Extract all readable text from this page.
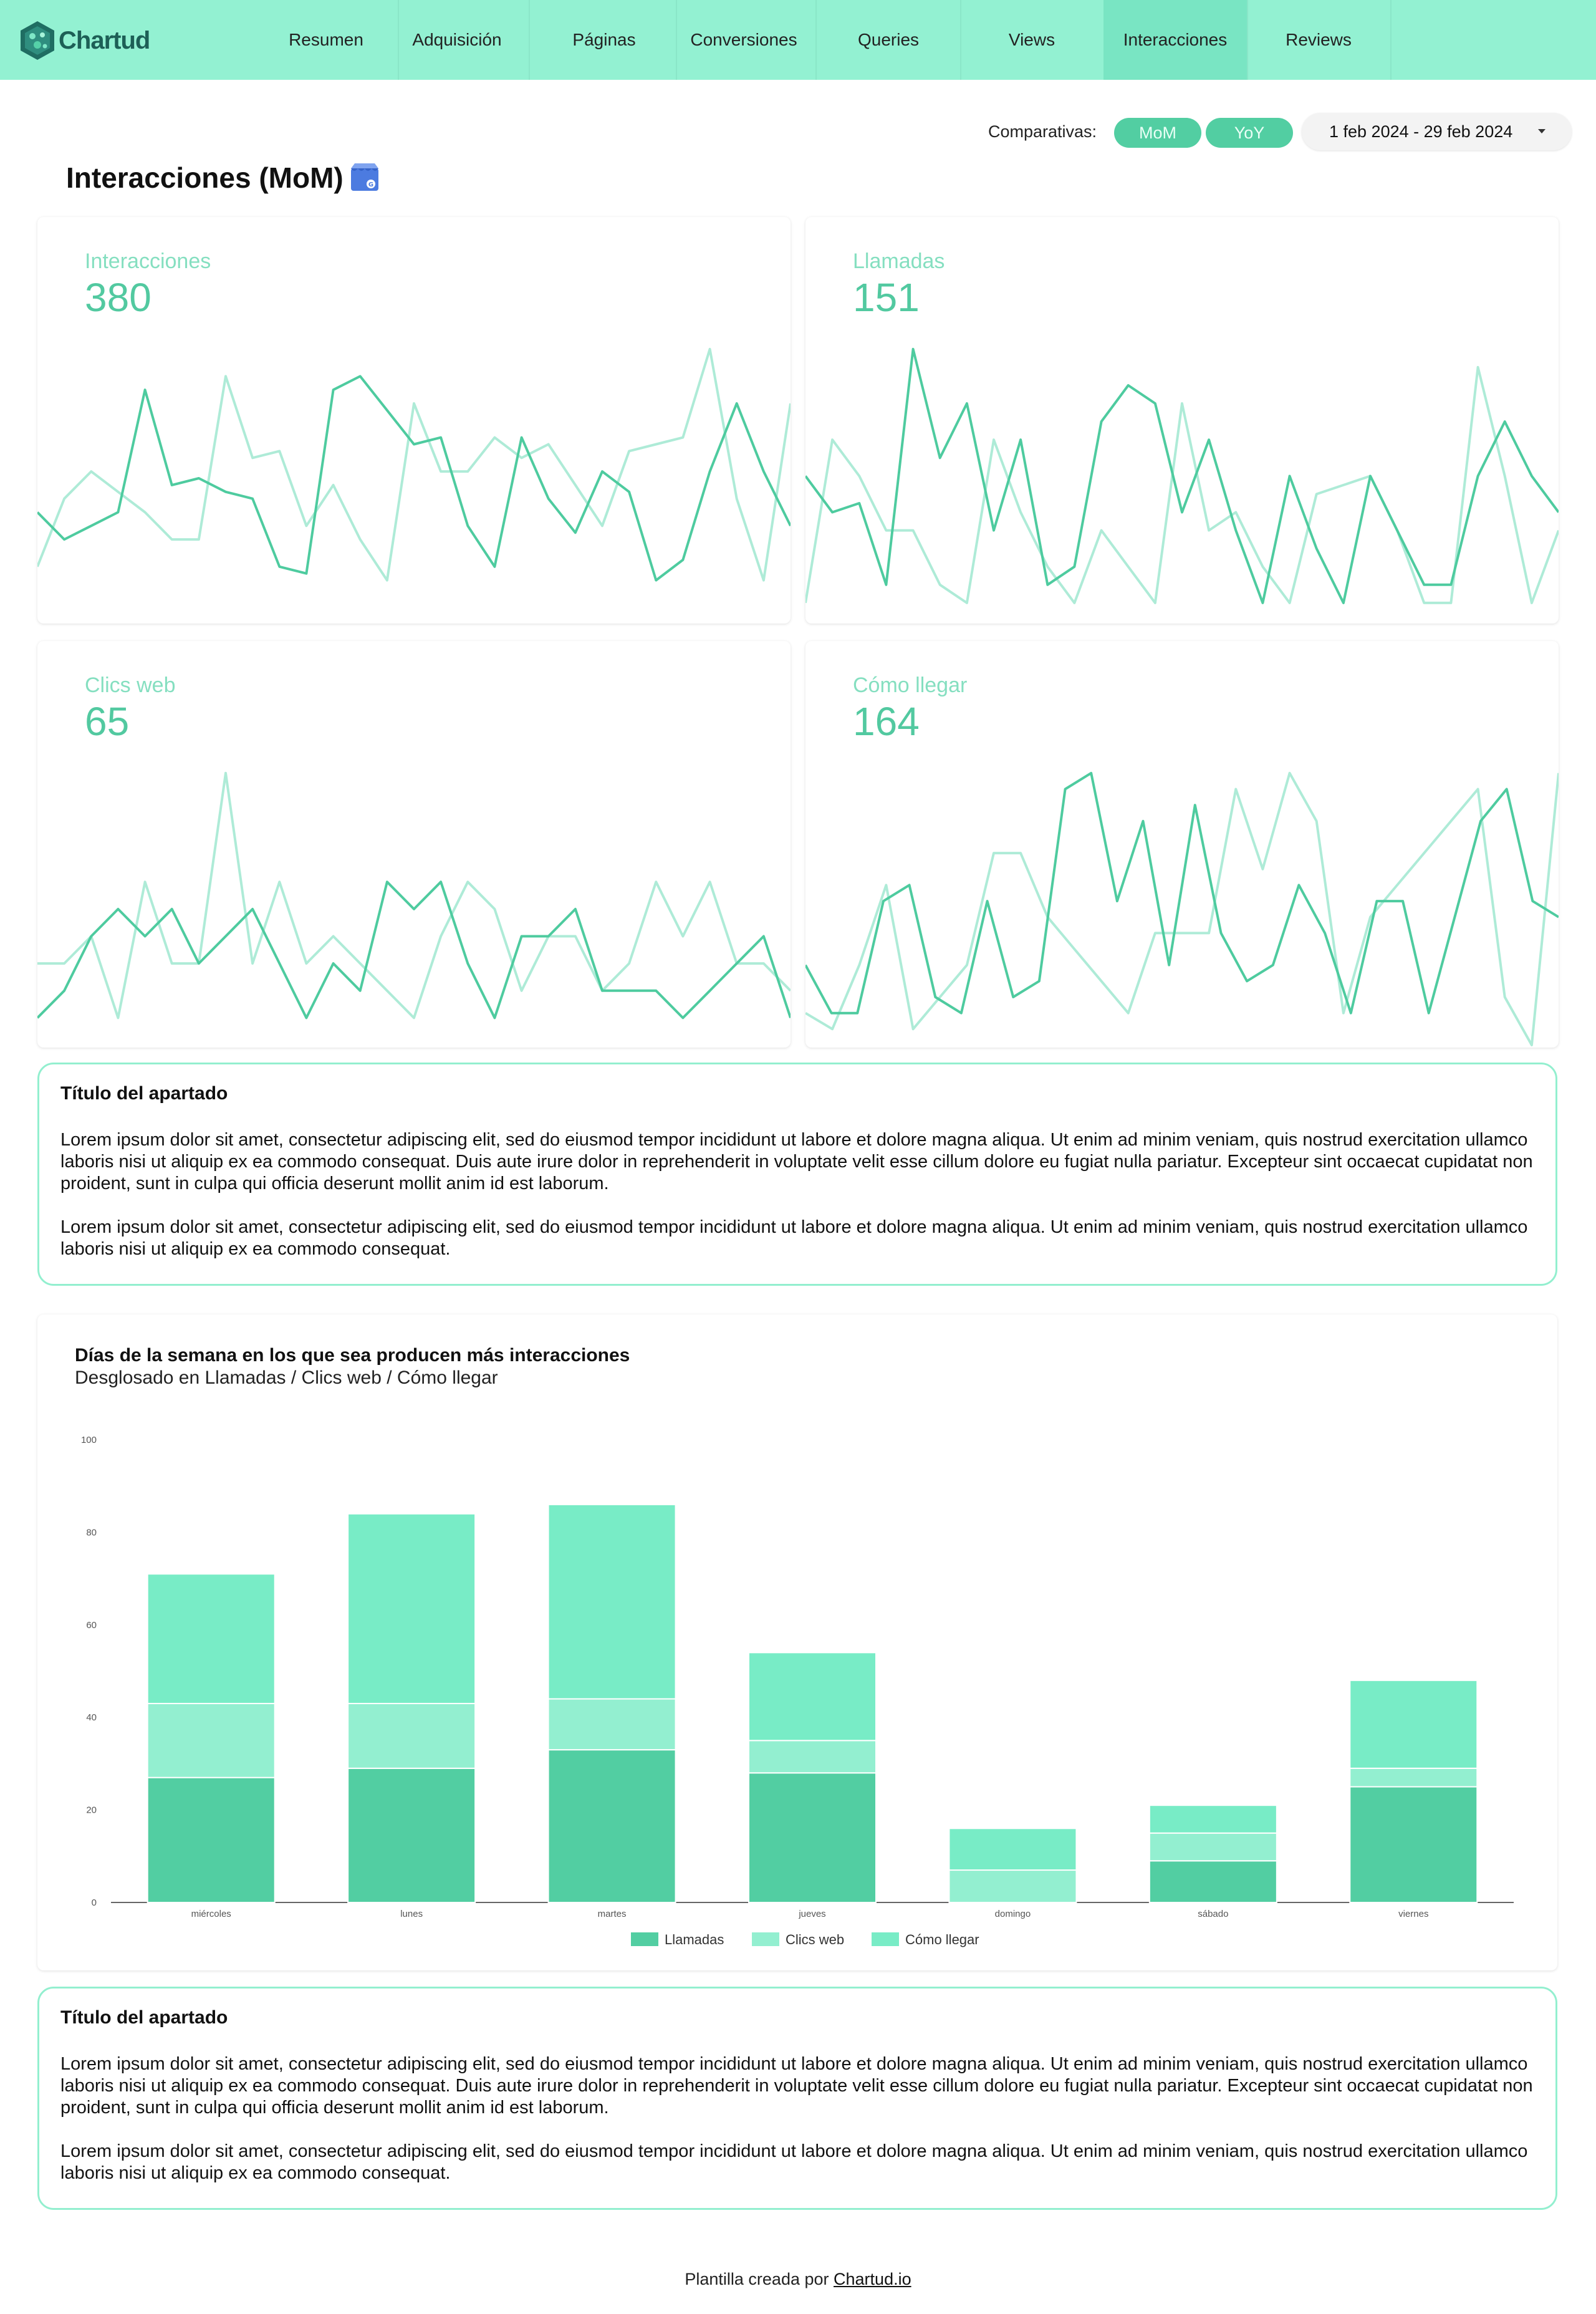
Chartud	Resumen	Adquisición	Páginas	Conversiones	Queries	Views	Interacciones	Reviews
Comparativas:	MoM	YoY	1 feb 2024 - 29 feb 2024
Interacciones (MoM)	G
Interacciones
380
Llamadas
151
Clics web
65
Cómo llegar
164
Título del apartado

Lorem ipsum dolor sit amet, consectetur adipiscing elit, sed do eiusmod tempor incididunt ut labore et dolore magna aliqua. Ut enim ad minim veniam, quis nostrud exercitation ullamco laboris nisi ut aliquip ex ea commodo consequat. Duis aute irure dolor in reprehenderit in voluptate velit esse cillum dolore eu fugiat nulla pariatur. Excepteur sint occaecat cupidatat non proident, sunt in culpa qui officia deserunt mollit anim id est laborum.

Lorem ipsum dolor sit amet, consectetur adipiscing elit, sed do eiusmod tempor incididunt ut labore et dolore magna aliqua. Ut enim ad minim veniam, quis nostrud exercitation ullamco laboris nisi ut aliquip ex ea commodo consequat.

0
20
40
60
80
100
miércoles	lunes	martes	jueves	domingo	sábado	viernes
Llamadas	Clics web	Cómo llegar
Días de la semana en los que sea producen más interacciones
Desglosado en Llamadas / Clics web / Cómo llegar
Título del apartado

Lorem ipsum dolor sit amet, consectetur adipiscing elit, sed do eiusmod tempor incididunt ut labore et dolore magna aliqua. Ut enim ad minim veniam, quis nostrud exercitation ullamco laboris nisi ut aliquip ex ea commodo consequat. Duis aute irure dolor in reprehenderit in voluptate velit esse cillum dolore eu fugiat nulla pariatur. Excepteur sint occaecat cupidatat non proident, sunt in culpa qui officia deserunt mollit anim id est laborum.

Lorem ipsum dolor sit amet, consectetur adipiscing elit, sed do eiusmod tempor incididunt ut labore et dolore magna aliqua. Ut enim ad minim veniam, quis nostrud exercitation ullamco laboris nisi ut aliquip ex ea commodo consequat.

Plantilla creada por Chartud.io
